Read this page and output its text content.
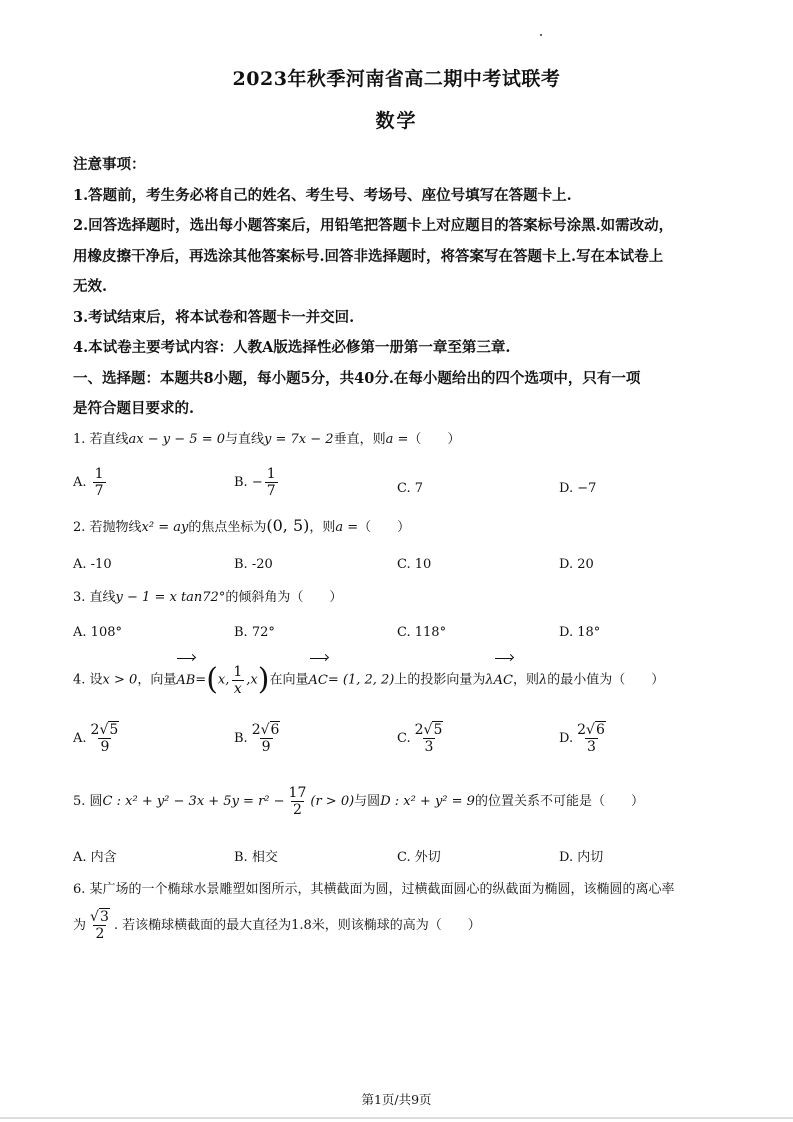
2023年秋季河南省高二期中考试联考
数学
注意事项：
1.答题前，考生务必将自己的姓名、考生号、考场号、座位号填写在答题卡上.
2.回答选择题时，选出每小题答案后，用铅笔把答题卡上对应题目的答案标号涂黑.如需改动，
用橡皮擦干净后，再选涂其他答案标号.回答非选择题时，将答案写在答题卡上.写在本试卷上
无效.
3.考试结束后，将本试卷和答题卡一并交回.
4.本试卷主要考试内容：人教A版选择性必修第一册第一章至第三章.
一、选择题：本题共8小题，每小题5分，共40分.在每小题给出的四个选项中，只有一项
是符合题目要求的.
1. 若直线ax − y − 5 = 0与直线y = 7x − 2垂直，则a =（　　）
A. $\frac{1}{7}$	B. − $\frac{1}{7}$	C. 7	D. −7
2. 若抛物线x² = ay的焦点坐标为(0, 5)，则a =（　　）
A. -10	B. -20	C. 10	D. 20
3. 直线y − 1 = x tan72°的倾斜角为（　　）
A. 108°	B. 72°	C. 118°	D. 18°
4. 设x > 0，向量AB=(x, $\frac{1}{x} ,x$)在向量AC= (1, 2, 2)上的投影向量为λAC，则λ的最小值为（　　）
A. $\frac{2√5}{9}$	B. $\frac{2√6}{9}$	C. $\frac{2√5}{3}$	D. $\frac{2√6}{3}$
5. 圆C : $x^2 + y^2 - 3x + 5y = r^2 - \frac{17}{2} (r > 0)$与圆D : x² + y² = 9的位置关系不可能是（　　）
A. 内含	B. 相交	C. 外切	D. 内切
6. 某广场的一个椭球水景雕塑如图所示，其横截面为圆，过横截面圆心的纵截面为椭圆，该椭圆的离心率
为 $\frac{√3}{2}$ . 若该椭球横截面的最大直径为1.8米，则该椭球的高为（　　）
第1页/共9页
